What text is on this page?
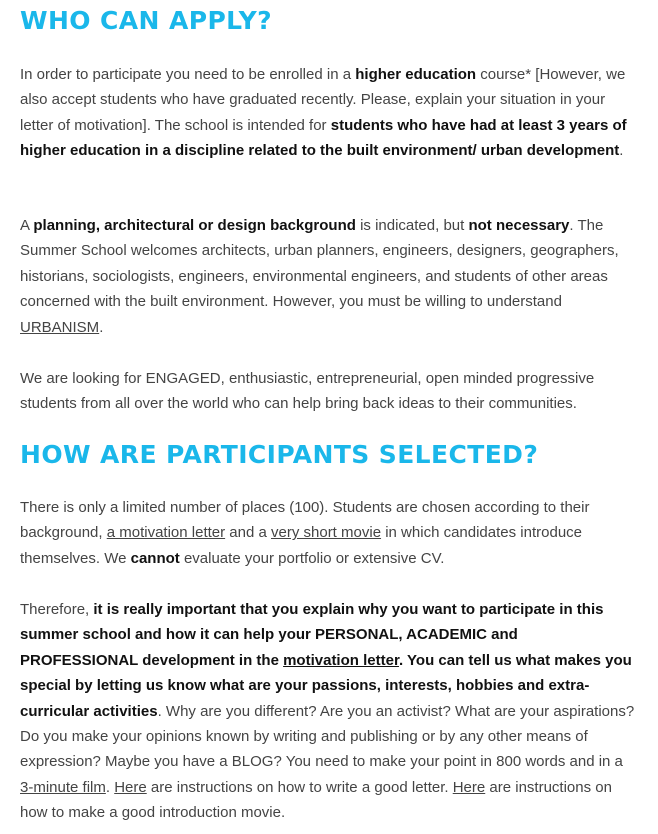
WHO CAN APPLY?
In order to participate you need to be enrolled in a higher education course* [However, we also accept students who have graduated recently. Please, explain your situation in your letter of motivation]. The school is intended for students who have had at least 3 years of higher education in a discipline related to the built environment/ urban development.
A planning, architectural or design background is indicated, but not necessary. The Summer School welcomes architects, urban planners, engineers, designers, geographers, historians, sociologists, engineers, environmental engineers, and students of other areas concerned with the built environment. However, you must be willing to understand URBANISM.
We are looking for ENGAGED, enthusiastic, entrepreneurial, open minded progressive students from all over the world who can help bring back ideas to their communities.
HOW ARE PARTICIPANTS SELECTED?
There is only a limited number of places (100). Students are chosen according to their background, a motivation letter and a very short movie in which candidates introduce themselves. We cannot evaluate your portfolio or extensive CV.
Therefore, it is really important that you explain why you want to participate in this summer school and how it can help your PERSONAL, ACADEMIC and PROFESSIONAL development in the motivation letter. You can tell us what makes you special by letting us know what are your passions, interests, hobbies and extra-curricular activities. Why are you different? Are you an activist? What are your aspirations? Do you make your opinions known by writing and publishing or by any other means of expression? Maybe you have a BLOG? You need to make your point in 800 words and in a 3-minute film. Here are instructions on how to write a good letter. Here are instructions on how to make a good introduction movie.
